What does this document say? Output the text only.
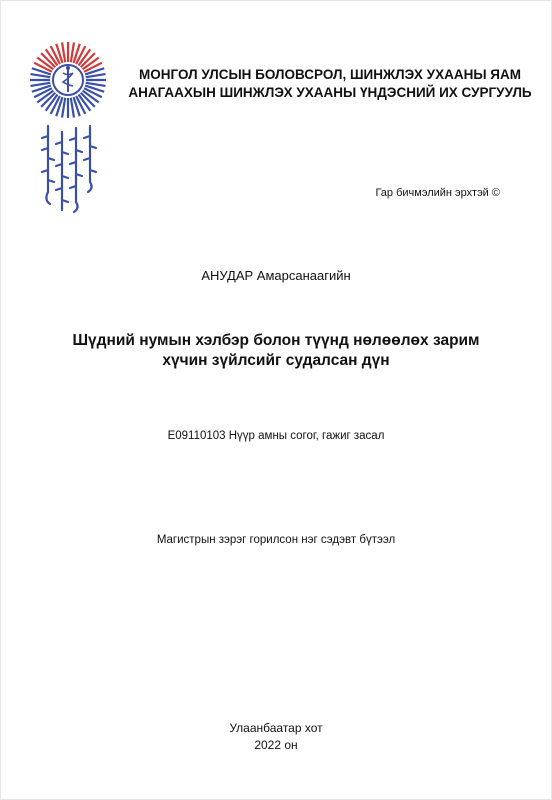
МОНГОЛ УЛСЫН БОЛОВСРОЛ, ШИНЖЛЭХ УХААНЫ ЯАМ
АНАГААХЫН ШИНЖЛЭХ УХААНЫ ҮНДЭСНИЙ ИХ СУРГУУЛЬ
Гар бичмэлийн эрхтэй ©
АНУДАР Амарсанаагийн
Шүдний нумын хэлбэр болон түүнд нөлөөлөх зарим
хүчин зүйлсийг судалсан дүн
Е09110103 Нүүр амны согог, гажиг засал
Магистрын зэрэг горилсон нэг сэдэвт бүтээл
Улаанбаатар хот
2022 он
